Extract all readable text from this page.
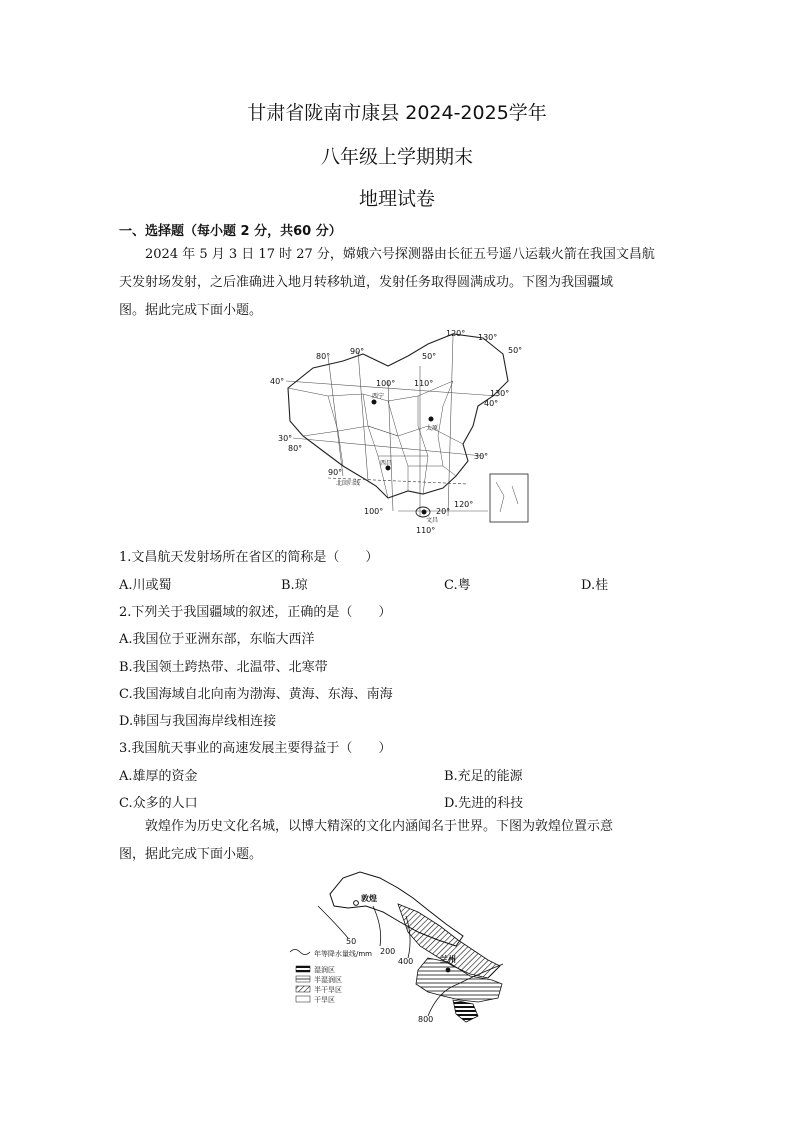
甘肃省陇南市康县 2024-2025学年
八年级上学期期末
地理试卷
一、选择题（每小题 2 分，共60 分）
2024 年 5 月 3 日 17 时 27 分，嫦娥六号探测器由长征五号遥八运载火箭在我国文昌航
天发射场发射，之后准确进入地月转移轨道，发射任务取得圆满成功。下图为我国疆域
图。据此完成下面小题。
120° 130°
50°
50°
80°
90°
40°	100° 110°
130°
40°
30°
80°
30°
90°
120°
100°	20°
110°
西宁
太原
西昌
文昌
北回归线
1.文昌航天发射场所在省区的简称是（　　）
A.川或蜀	B.琼	C.粤	D.桂
2.下列关于我国疆域的叙述，正确的是（　　）
A.我国位于亚洲东部，东临大西洋
B.我国领土跨热带、北温带、北寒带
C.我国海域自北向南为渤海、黄海、东海、南海
D.韩国与我国海岸线相连接
3.我国航天事业的高速发展主要得益于（　　）
A.雄厚的资金	B.充足的能源
C.众多的人口	D.先进的科技
敦煌作为历史文化名城，以博大精深的文化内涵闻名于世界。下图为敦煌位置示意
图，据此完成下面小题。
敦煌
兰州
50
200
400
800
年等降水量线/mm
湿润区
半湿润区
半干旱区
干旱区
